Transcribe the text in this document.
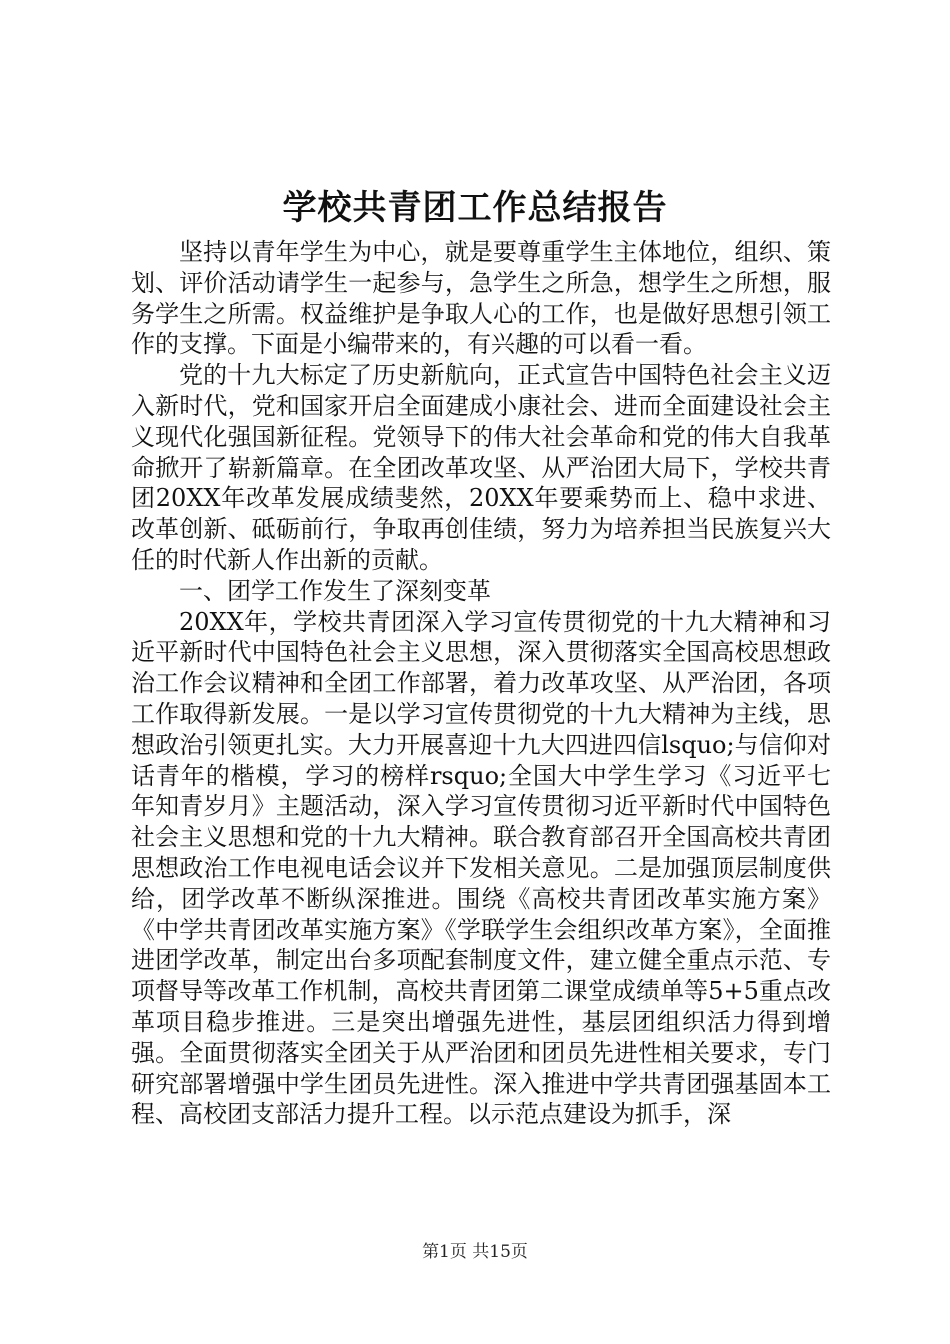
学校共青团工作总结报告

坚持以青年学生为中心，就是要尊重学生主体地位，组织、策划、评价活动请学生一起参与，急学生之所急，想学生之所想，服务学生之所需。权益维护是争取人心的工作，也是做好思想引领工作的支撑。下面是小编带来的，有兴趣的可以看一看。

党的十九大标定了历史新航向，正式宣告中国特色社会主义迈入新时代，党和国家开启全面建成小康社会、进而全面建设社会主义现代化强国新征程。党领导下的伟大社会革命和党的伟大自我革命掀开了崭新篇章。在全团改革攻坚、从严治团大局下，学校共青团20XX年改革发展成绩斐然，20XX年要乘势而上、稳中求进、改革创新、砥砺前行，争取再创佳绩，努力为培养担当民族复兴大任的时代新人作出新的贡献。

一、团学工作发生了深刻变革

20XX年，学校共青团深入学习宣传贯彻党的十九大精神和习近平新时代中国特色社会主义思想，深入贯彻落实全国高校思想政治工作会议精神和全团工作部署，着力改革攻坚、从严治团，各项工作取得新发展。一是以学习宣传贯彻党的十九大精神为主线，思想政治引领更扎实。大力开展喜迎十九大四进四信lsquo;与信仰对话青年的楷模，学习的榜样rsquo;全国大中学生学习《习近平七年知青岁月》主题活动，深入学习宣传贯彻习近平新时代中国特色社会主义思想和党的十九大精神。联合教育部召开全国高校共青团思想政治工作电视电话会议并下发相关意见。二是加强顶层制度供给，团学改革不断纵深推进。围绕《高校共青团改革实施方案》《中学共青团改革实施方案》《学联学生会组织改革方案》，全面推进团学改革，制定出台多项配套制度文件，建立健全重点示范、专项督导等改革工作机制，高校共青团第二课堂成绩单等5+5重点改革项目稳步推进。三是突出增强先进性，基层团组织活力得到增强。全面贯彻落实全团关于从严治团和团员先进性相关要求，专门研究部署增强中学生团员先进性。深入推进中学共青团强基固本工程、高校团支部活力提升工程。以示范点建设为抓手，深

第1页 共15页
